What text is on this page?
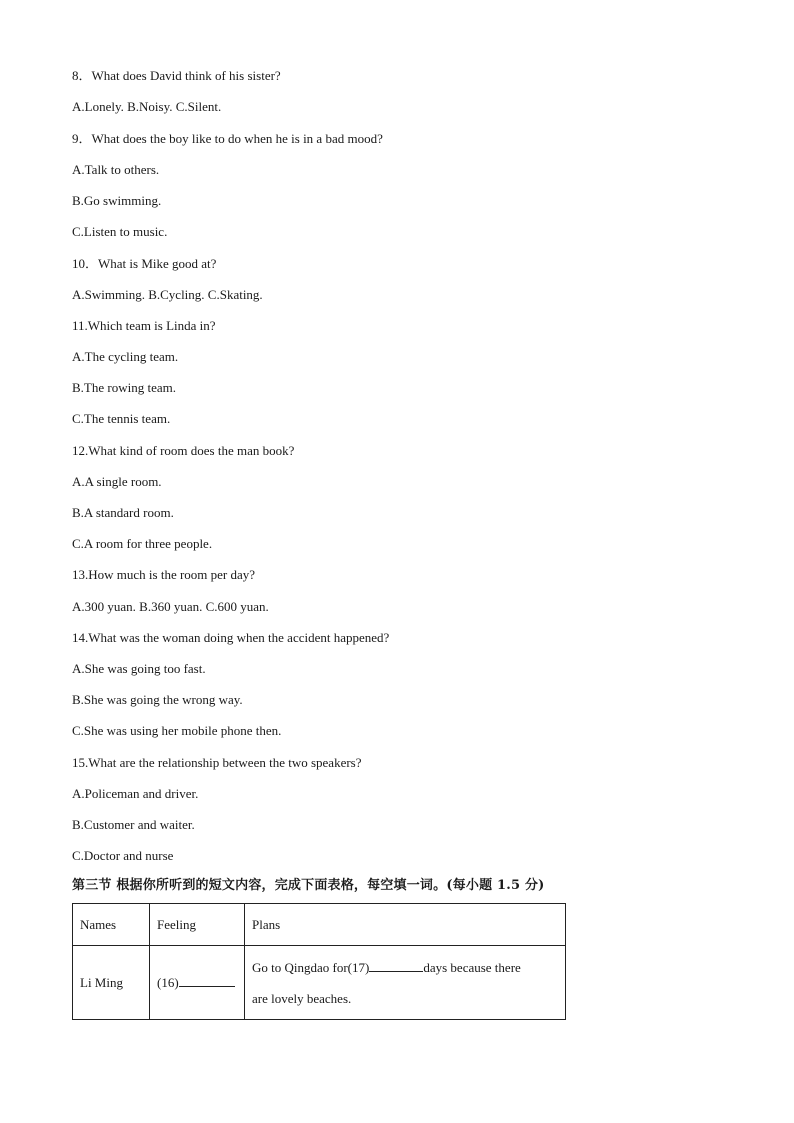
8．What does David think of his sister?
A.Lonely. B.Noisy. C.Silent.
9．What does the boy like to do when he is in a bad mood?
A.Talk to others.
B.Go swimming.
C.Listen to music.
10．What is Mike good at?
A.Swimming. B.Cycling. C.Skating.
11.Which team is Linda in?
A.The cycling team.
B.The rowing team.
C.The tennis team.
12.What kind of room does the man book?
A.A single room.
B.A standard room.
C.A room for three people.
13.How much is the room per day?
A.300 yuan. B.360 yuan. C.600 yuan.
14.What was the woman doing when the accident happened?
A.She was going too fast.
B.She was going the wrong way.
C.She was using her mobile phone then.
15.What are the relationship between the two speakers?
A.Policeman and driver.
B.Customer and waiter.
C.Doctor and nurse
第三节 根据你所听到的短文内容，完成下面表格，每空填一词。(每小题 1.5 分)
Names	Feeling	Plans
Li Ming	(16)	Go to Qingdao for(17) days because there
are lovely beaches.
